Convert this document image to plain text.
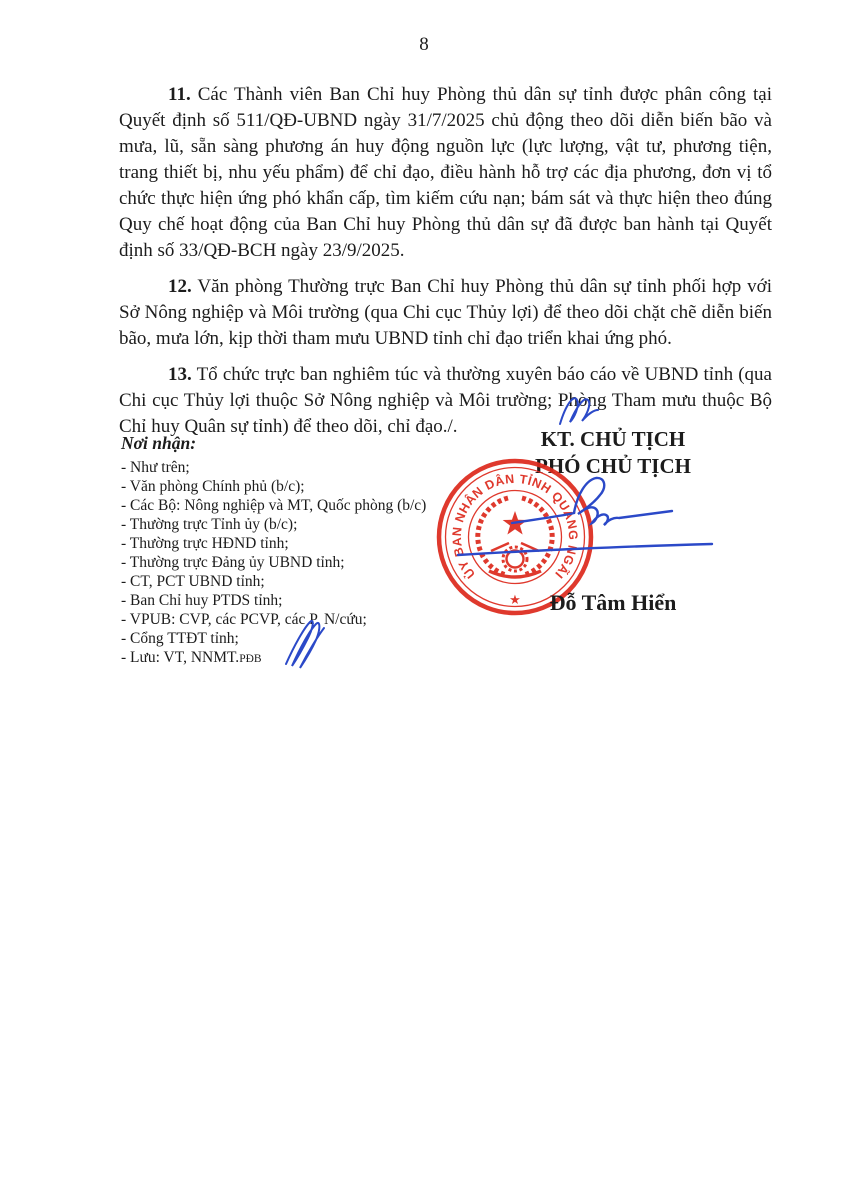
8

11. Các Thành viên Ban Chỉ huy Phòng thủ dân sự tỉnh được phân công tại Quyết định số 511/QĐ-UBND ngày 31/7/2025 chủ động theo dõi diễn biến bão và mưa, lũ, sẵn sàng phương án huy động nguồn lực (lực lượng, vật tư, phương tiện, trang thiết bị, nhu yếu phẩm) để chỉ đạo, điều hành hỗ trợ các địa phương, đơn vị tổ chức thực hiện ứng phó khẩn cấp, tìm kiếm cứu nạn; bám sát và thực hiện theo đúng Quy chế hoạt động của Ban Chỉ huy Phòng thủ dân sự đã được ban hành tại Quyết định số 33/QĐ-BCH ngày 23/9/2025.

12. Văn phòng Thường trực Ban Chỉ huy Phòng thủ dân sự tỉnh phối hợp với Sở Nông nghiệp và Môi trường (qua Chi cục Thủy lợi) để theo dõi chặt chẽ diễn biến bão, mưa lớn, kịp thời tham mưu UBND tỉnh chỉ đạo triển khai ứng phó.

13. Tổ chức trực ban nghiêm túc và thường xuyên báo cáo về UBND tỉnh (qua Chi cục Thủy lợi thuộc Sở Nông nghiệp và Môi trường; Phòng Tham mưu thuộc Bộ Chỉ huy Quân sự tỉnh) để theo dõi, chỉ đạo./.

KT. CHỦ TỊCH
PHÓ CHỦ TỊCH
ỦY BAN NHÂN DÂN TỈNH QUẢNG NGÃI
★	Đỗ Tâm Hiển
Nơi nhận:
- Như trên;
- Văn phòng Chính phủ (b/c);
- Các Bộ: Nông nghiệp và MT, Quốc phòng (b/c)
- Thường trực Tỉnh ủy (b/c);
- Thường trực HĐND tỉnh;
- Thường trực Đảng ủy UBND tỉnh;
- CT, PCT UBND tỉnh;
- Ban Chỉ huy PTDS tỉnh;
- VPUB: CVP, các PCVP, các P. N/cứu;
- Cổng TTĐT tỉnh;
- Lưu: VT, NNMT.PĐB
